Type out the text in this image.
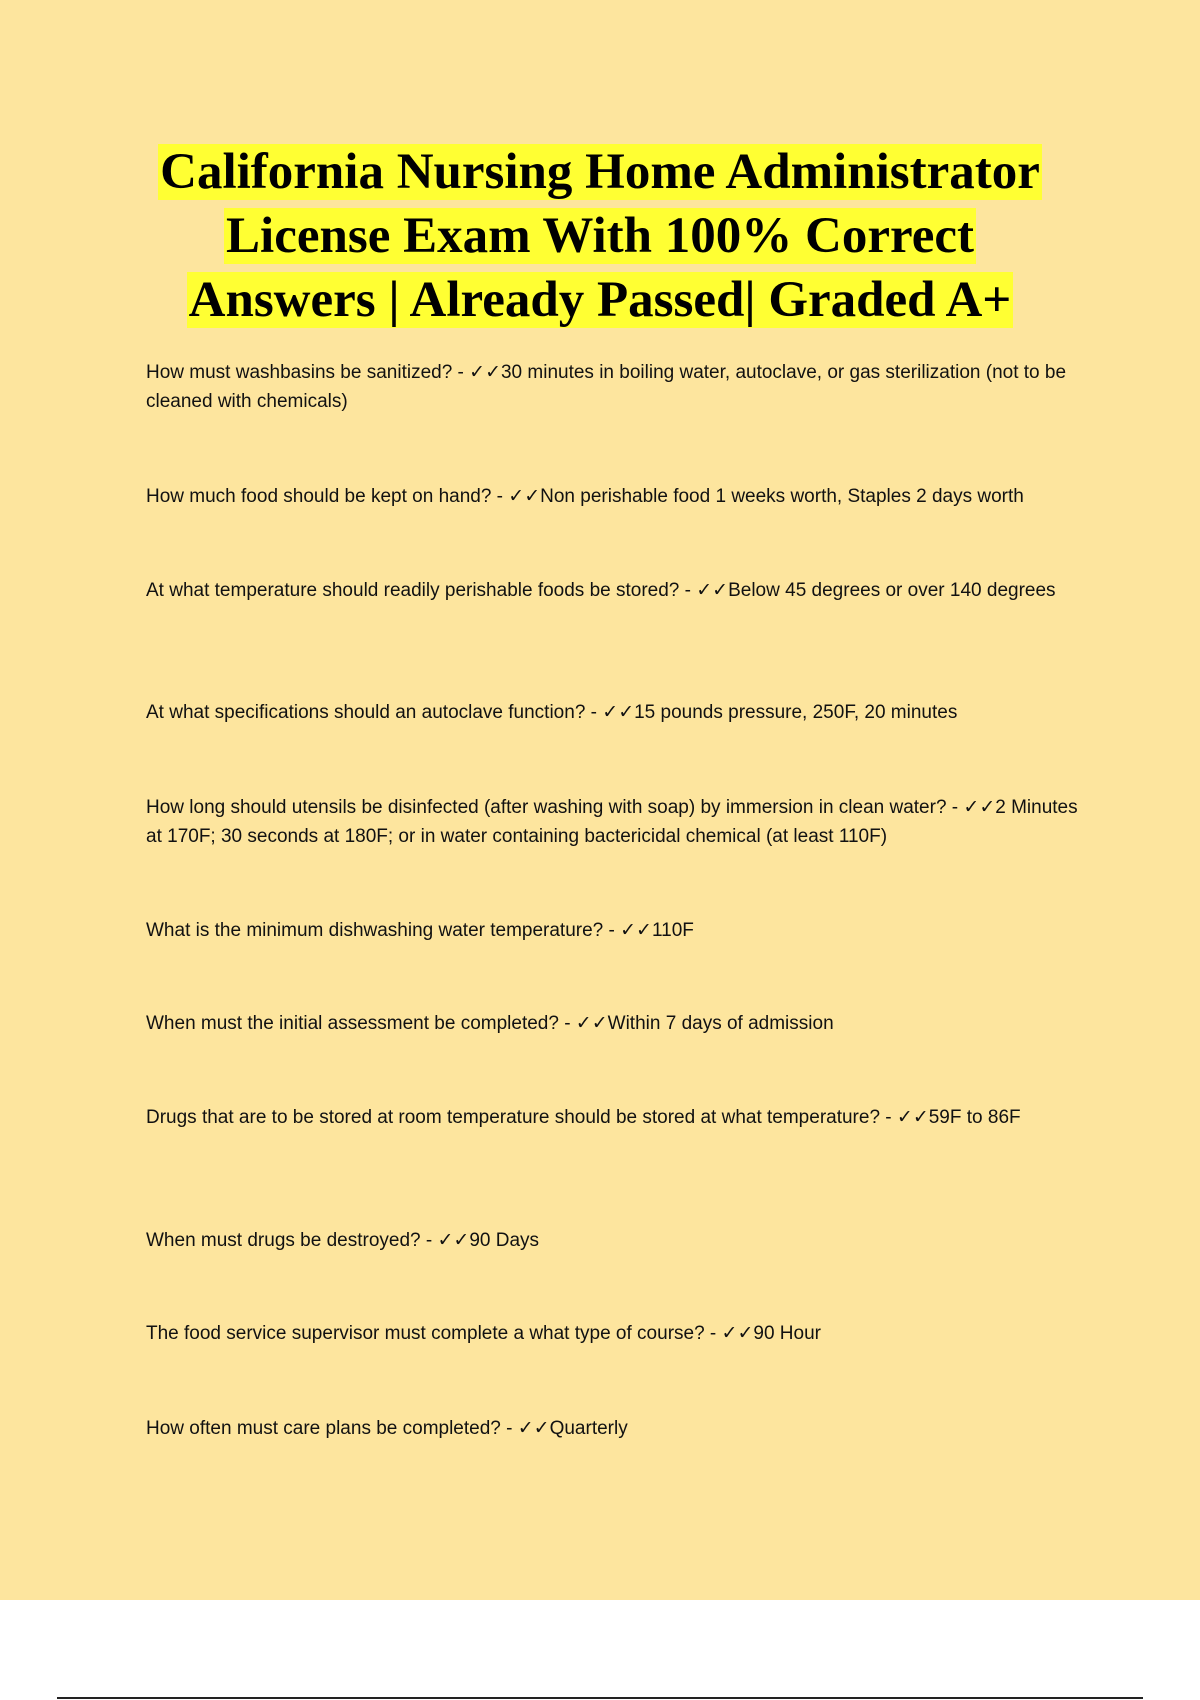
California Nursing Home Administrator
License Exam With 100% Correct
Answers | Already Passed| Graded A+
How must washbasins be sanitized? - ✓✓30 minutes in boiling water, autoclave, or gas sterilization (not to be cleaned with chemicals)
How much food should be kept on hand? - ✓✓Non perishable food 1 weeks worth, Staples 2 days worth
At what temperature should readily perishable foods be stored? - ✓✓Below 45 degrees or over 140 degrees
At what specifications should an autoclave function? - ✓✓15 pounds pressure, 250F, 20 minutes
How long should utensils be disinfected (after washing with soap) by immersion in clean water? - ✓✓2 Minutes at 170F; 30 seconds at 180F; or in water containing bactericidal chemical (at least 110F)
What is the minimum dishwashing water temperature? - ✓✓110F
When must the initial assessment be completed? - ✓✓Within 7 days of admission
Drugs that are to be stored at room temperature should be stored at what temperature? - ✓✓59F to 86F
When must drugs be destroyed? - ✓✓90 Days
The food service supervisor must complete a what type of course? - ✓✓90 Hour
How often must care plans be completed? - ✓✓Quarterly
